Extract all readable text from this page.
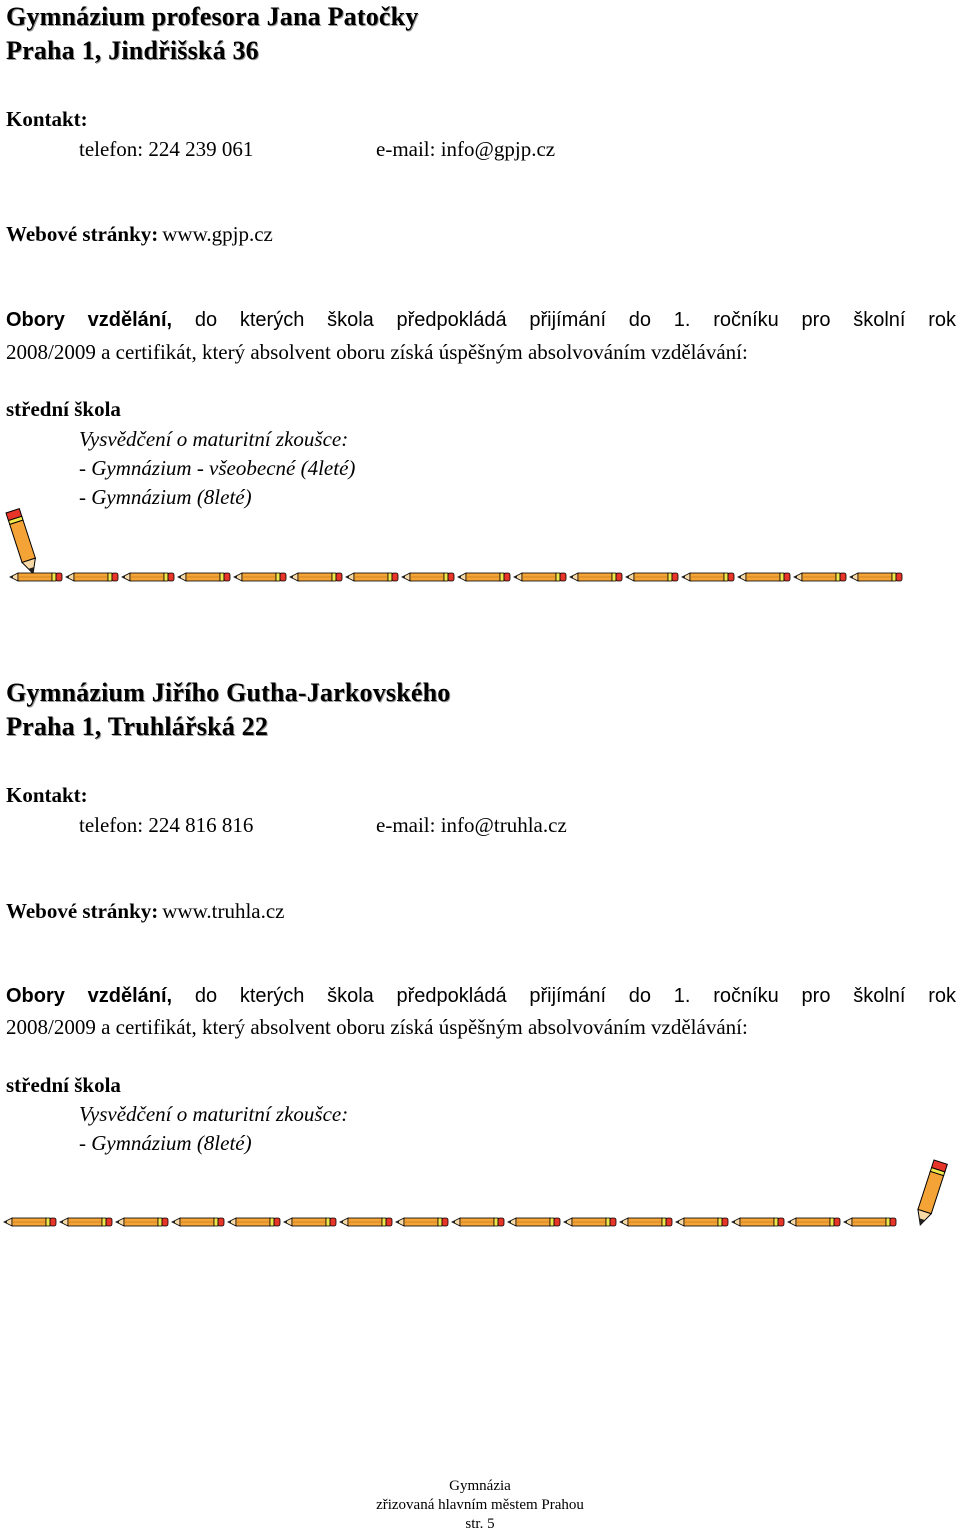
Gymnázium profesora Jana Patočky
Praha 1, Jindřišská 36
Kontakt:
telefon: 224 239 061	e-mail: info@gpjp.cz
Webové stránky: www.gpjp.cz
Obory vzdělání, do kterých škola předpokládá přijímání do 1. ročníku pro školní rok
2008/2009 a certifikát, který absolvent oboru získá úspěšným absolvováním vzdělávání:
střední škola
Vysvědčení o maturitní zkoušce:
- Gymnázium - všeobecné (4leté)
- Gymnázium (8leté)
Gymnázium Jiřího Gutha-Jarkovského
Praha 1, Truhlářská 22
Kontakt:
telefon: 224 816 816	e-mail: info@truhla.cz
Webové stránky: www.truhla.cz
Obory vzdělání, do kterých škola předpokládá přijímání do 1. ročníku pro školní rok
2008/2009 a certifikát, který absolvent oboru získá úspěšným absolvováním vzdělávání:
střední škola
Vysvědčení o maturitní zkoušce:
- Gymnázium (8leté)
Gymnázia
zřizovaná hlavním městem Prahou
str. 5
